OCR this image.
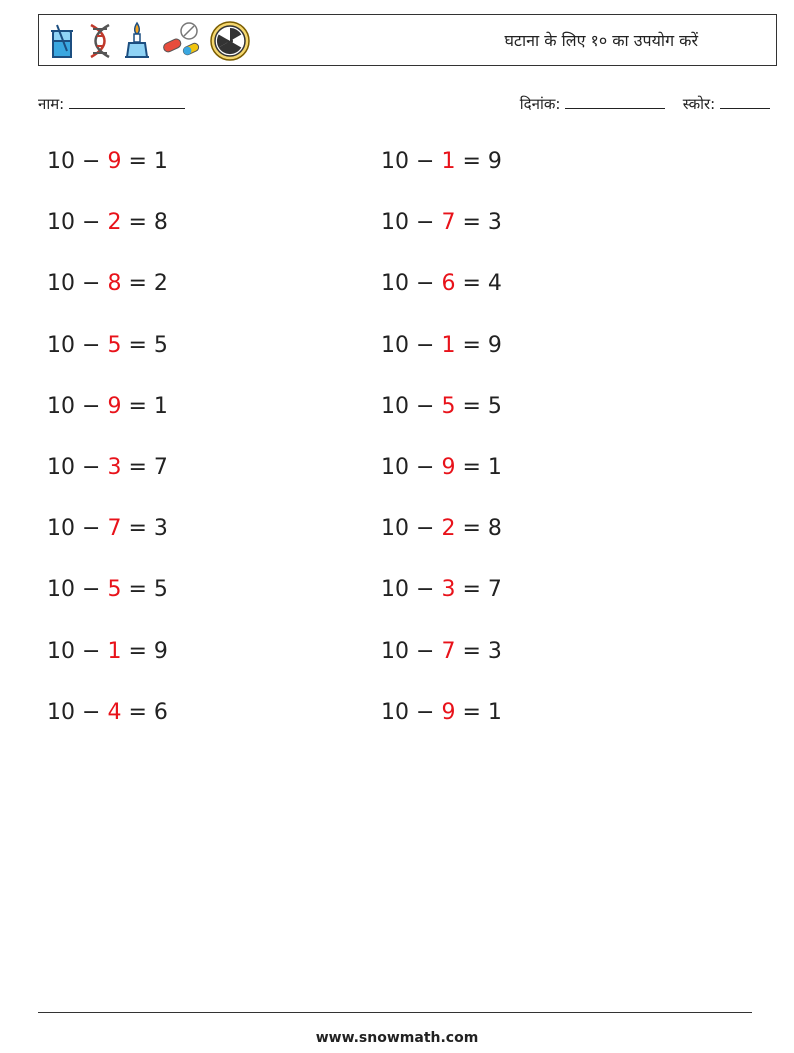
घटाना के लिए १० का उपयोग करें
नाम:	दिनांक:	स्कोर:
10 − 9 = 1	10 − 1 = 9
10 − 2 = 8	10 − 7 = 3
10 − 8 = 2	10 − 6 = 4
10 − 5 = 5	10 − 1 = 9
10 − 9 = 1	10 − 5 = 5
10 − 3 = 7	10 − 9 = 1
10 − 7 = 3	10 − 2 = 8
10 − 5 = 5	10 − 3 = 7
10 − 1 = 9	10 − 7 = 3
10 − 4 = 6	10 − 9 = 1
www.snowmath.com
